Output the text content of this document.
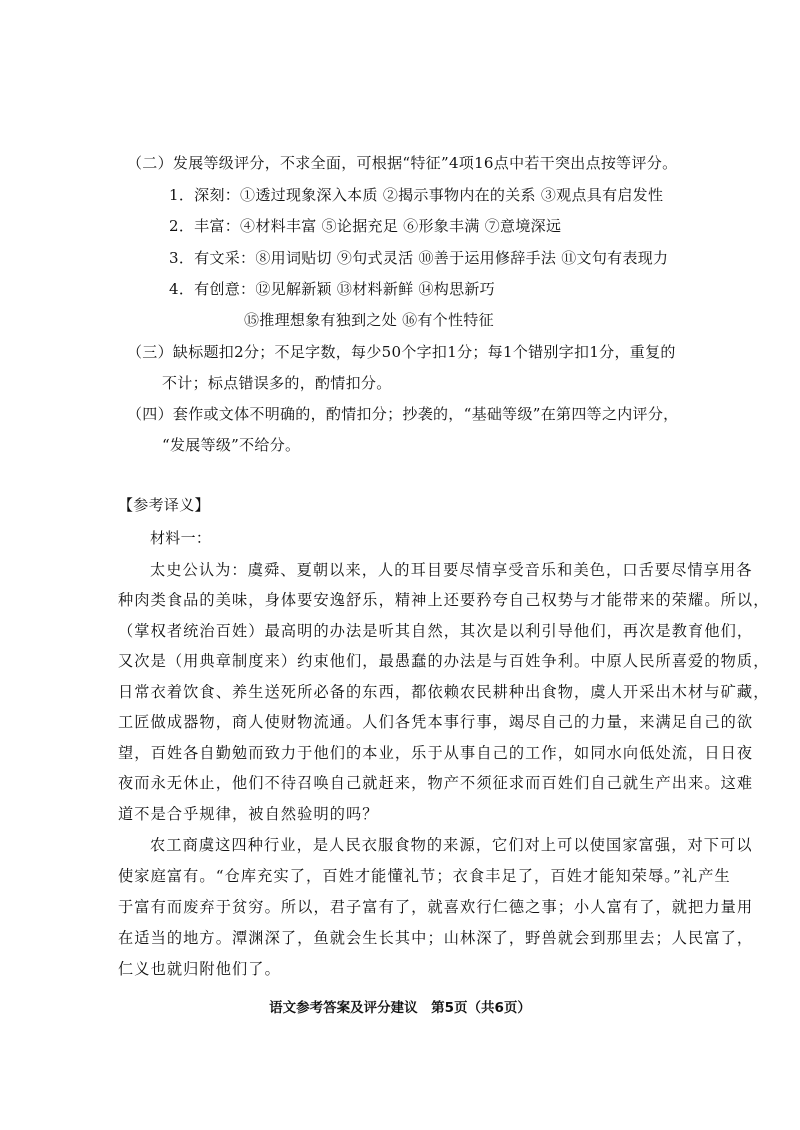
（二）发展等级评分，不求全面，可根据“特征”4项16点中若干突出点按等评分。
1．深刻：①透过现象深入本质 ②揭示事物内在的关系 ③观点具有启发性
2．丰富：④材料丰富 ⑤论据充足 ⑥形象丰满 ⑦意境深远
3．有文采：⑧用词贴切 ⑨句式灵活 ⑩善于运用修辞手法 ⑪文句有表现力
4．有创意：⑫见解新颖 ⑬材料新鲜 ⑭构思新巧
⑮推理想象有独到之处 ⑯有个性特征
（三）缺标题扣2分；不足字数，每少50个字扣1分；每1个错别字扣1分，重复的
不计；标点错误多的，酌情扣分。
（四）套作或文体不明确的，酌情扣分；抄袭的，“基础等级”在第四等之内评分，
“发展等级”不给分。
【参考译义】
材料一：
太史公认为：虞舜、夏朝以来，人的耳目要尽情享受音乐和美色，口舌要尽情享用各
种肉类食品的美味，身体要安逸舒乐，精神上还要矜夸自己权势与才能带来的荣耀。所以，
（掌权者统治百姓）最高明的办法是听其自然，其次是以利引导他们，再次是教育他们，
又次是（用典章制度来）约束他们，最愚蠢的办法是与百姓争利。中原人民所喜爱的物质，
日常衣着饮食、养生送死所必备的东西，都依赖农民耕种出食物，虞人开采出木材与矿藏，
工匠做成器物，商人使财物流通。人们各凭本事行事，竭尽自己的力量，来满足自己的欲
望，百姓各自勤勉而致力于他们的本业，乐于从事自己的工作，如同水向低处流，日日夜
夜而永无休止，他们不待召唤自己就赶来，物产不须征求而百姓们自己就生产出来。这难
道不是合乎规律，被自然验明的吗？
农工商虞这四种行业，是人民衣服食物的来源，它们对上可以使国家富强，对下可以
使家庭富有。“仓库充实了，百姓才能懂礼节；衣食丰足了，百姓才能知荣辱。”礼产生
于富有而废弃于贫穷。所以，君子富有了，就喜欢行仁德之事；小人富有了，就把力量用
在适当的地方。潭渊深了，鱼就会生长其中；山林深了，野兽就会到那里去；人民富了，
仁义也就归附他们了。
语文参考答案及评分建议　第5页（共6页）
